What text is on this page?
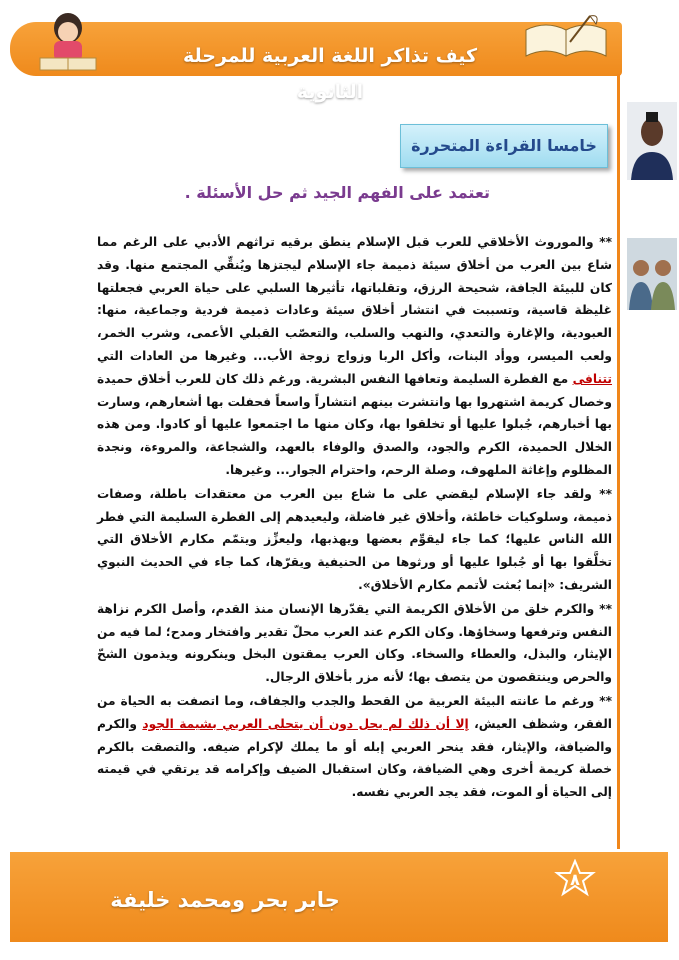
كيف تذاكر اللغة العربية للمرحلة الثانوية
خامسا القراءة المتحررة
تعتمد على الفهم الجيد ثم حل الأسئلة .

** والموروث الأخلاقي للعرب قبل الإسلام ينطق برقيه تراثهم الأدبي على الرغم مما شاع بين العرب من أخلاق سيئة ذميمة جاء الإسلام ليجتزها ويُنقِّي المجتمع منها. وقد كان للبيئة الجافة، شحيحة الرزق، وتقلباتها، تأثيرها السلبي على حياة العربي فجعلتها غليظة قاسية، وتسببت في انتشار أخلاق سيئة وعادات ذميمة فردية وجماعية، منها: العبودية، والإغارة والتعدي، والنهب والسلب، والتعصّب القبلي الأعمى، وشرب الخمر، ولعب الميسر، ووأد البنات، وأكل الربا وزواج زوجة الأب... وغيرها من العادات التي تتنافى مع الفطرة السليمة وتعافها النفس البشرية. ورغم ذلك كان للعرب أخلاق حميدة وخصال كريمة اشتهروا بها وانتشرت بينهم انتشاراً واسعاً فحفلت بها أشعارهم، وسارت بها أخبارهم، جُبلوا عليها أو تخلقوا بها، وكان منها ما اجتمعوا عليها أو كادوا. ومن هذه الخلال الحميدة، الكرم والجود، والصدق والوفاء بالعهد، والشجاعة، والمروءة، ونجدة المظلوم وإغاثة الملهوف، وصلة الرحم، واحترام الجوار... وغيرها.

** ولقد جاء الإسلام ليقضي على ما شاع بين العرب من معتقدات باطلة، وصفات ذميمة، وسلوكيات خاطئة، وأخلاق غير فاضلة، وليعيدهم إلى الفطرة السليمة التي فطر الله الناس عليها؛ كما جاء ليقوِّم بعضها ويهذبها، وليعزِّز ويتمّم مكارم الأخلاق التي تخلَّقوا بها أو جُبلوا عليها أو ورثوها من الحنيفية ويقرّها، كما جاء في الحديث النبوي الشريف: «إنما بُعثت لأتمم مكارم الأخلاق».

** والكرم خلق من الأخلاق الكريمة التي يقدّرها الإنسان منذ القدم، وأصل الكرم نزاهة النفس وترفعها وسخاؤها. وكان الكرم عند العرب محلّ تقدير وافتخار ومدح؛ لما فيه من الإيثار، والبذل، والعطاء والسخاء. وكان العرب يمقتون البخل وينكرونه ويذمون الشحّ والحرص وينتقصون من يتصف بها؛ لأنه مزر بأخلاق الرجال.

** ورغم ما عانته البيئة العربية من القحط والجدب والجفاف، وما اتصفت به الحياة من الفقر، وشظف العيش، إلا أن ذلك لم يحل دون أن يتحلى العربي بشيمة الجود والكرم والضيافة، والإيثار، فقد ينحر العربي إبله أو ما يملك لإكرام ضيفه. والتصقت بالكرم خصلة كريمة أخرى وهي الضيافة، وكان استقبال الضيف وإكرامه قد يرتقي في قيمته إلى الحياة أو الموت، فقد يجد العربي نفسه.

٨
جابر بحر ومحمد خليفة
